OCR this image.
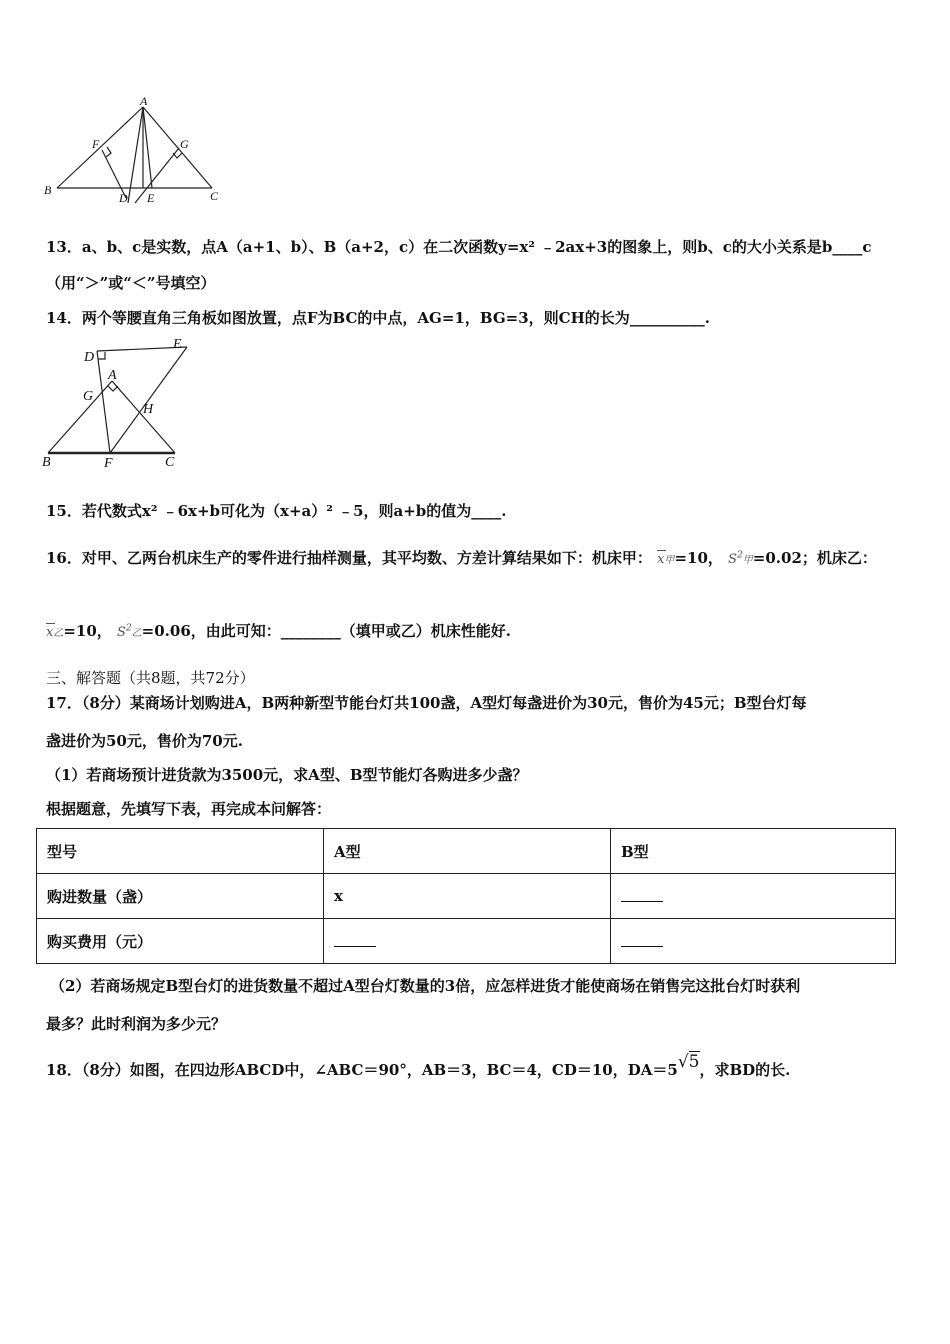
A
F	G
B
D E	C
13．a、b、c是实数，点A（a+1、b）、B（a+2，c）在二次函数y=x² ﹣2ax+3的图象上，则b、c的大小关系是b____c
（用“＞”或“＜”号填空）
14．两个等腰直角三角板如图放置，点F为BC的中点，AG=1，BG=3，则CH的长为__________.
D
E
A
G
H
B	F	C
15．若代数式x² ﹣6x+b可化为（x+a）² ﹣5，则a+b的值为____.
16．对甲、乙两台机床生产的零件进行抽样测量，其平均数、方差计算结果如下：机床甲： x甲
=10， $S^2$甲=0.02；机床乙：
x乙
=10， $S^2$乙=0.06，由此可知：________（填甲或乙）机床性能好.
三、解答题（共8题，共72分）
17．（8分）某商场计划购进A，B两种新型节能台灯共100盏，A型灯每盏进价为30元，售价为45元；B型台灯每
盏进价为50元，售价为70元.
（1）若商场预计进货款为3500元，求A型、B型节能灯各购进多少盏？
根据题意，先填写下表，再完成本问解答：
型号	A型	B型
购进数量（盏）	x	
购买费用（元）		
（2）若商场规定B型台灯的进货数量不超过A型台灯数量的3倍，应怎样进货才能使商场在销售完这批台灯时获利
最多？此时利润为多少元？
18．（8分）如图，在四边形ABCD中，∠ABC＝90°，AB＝3，BC＝4，CD＝10，DA＝5√5，求BD的长.
